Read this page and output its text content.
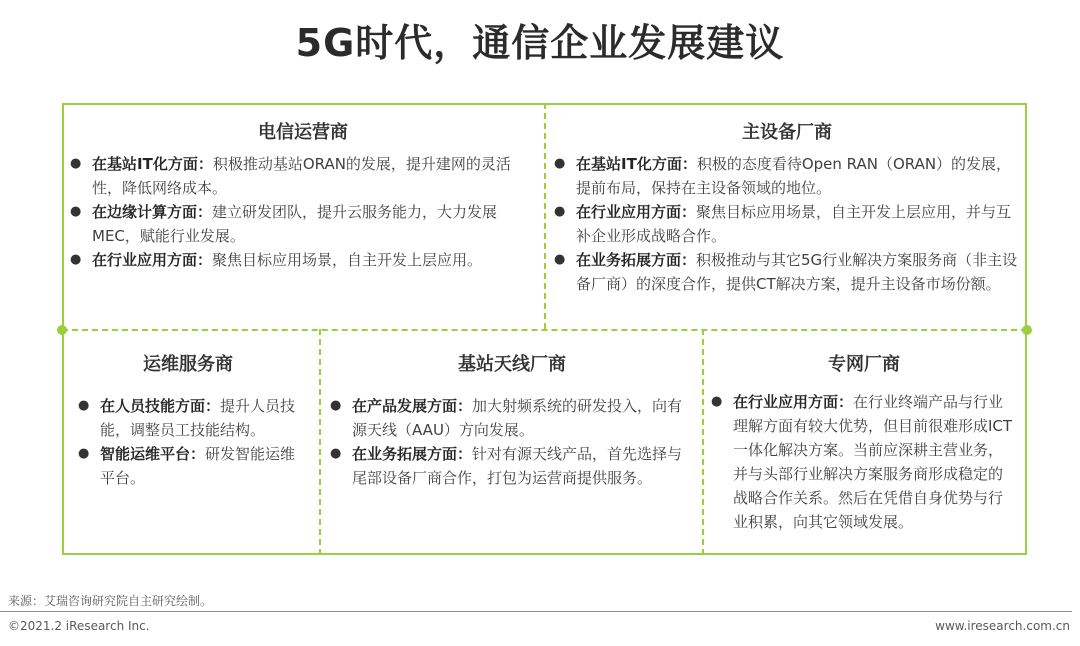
5G时代，通信企业发展建议
电信运营商
● 在基站IT化方面：积极推动基站ORAN的发展，提升建网的灵活性，降低网络成本。
● 在边缘计算方面：建立研发团队，提升云服务能力，大力发展MEC，赋能行业发展。
● 在行业应用方面：聚焦目标应用场景，自主开发上层应用。
主设备厂商
● 在基站IT化方面：积极的态度看待Open RAN（ORAN）的发展，提前布局，保持在主设备领域的地位。
● 在行业应用方面：聚焦目标应用场景，自主开发上层应用，并与互补企业形成战略合作。
● 在业务拓展方面：积极推动与其它5G行业解决方案服务商（非主设备厂商）的深度合作，提供CT解决方案，提升主设备市场份额。
运维服务商
● 在人员技能方面：提升人员技能，调整员工技能结构。
● 智能运维平台：研发智能运维平台。
基站天线厂商
● 在产品发展方面：加大射频系统的研发投入，向有源天线（AAU）方向发展。
● 在业务拓展方面：针对有源天线产品，首先选择与尾部设备厂商合作，打包为运营商提供服务。
专网厂商
● 在行业应用方面：在行业终端产品与行业理解方面有较大优势，但目前很难形成ICT一体化解决方案。当前应深耕主营业务，并与头部行业解决方案服务商形成稳定的战略合作关系。然后在凭借自身优势与行业积累，向其它领域发展。
来源：艾瑞咨询研究院自主研究绘制。
©2021.2 iResearch Inc.	www.iresearch.com.cn
